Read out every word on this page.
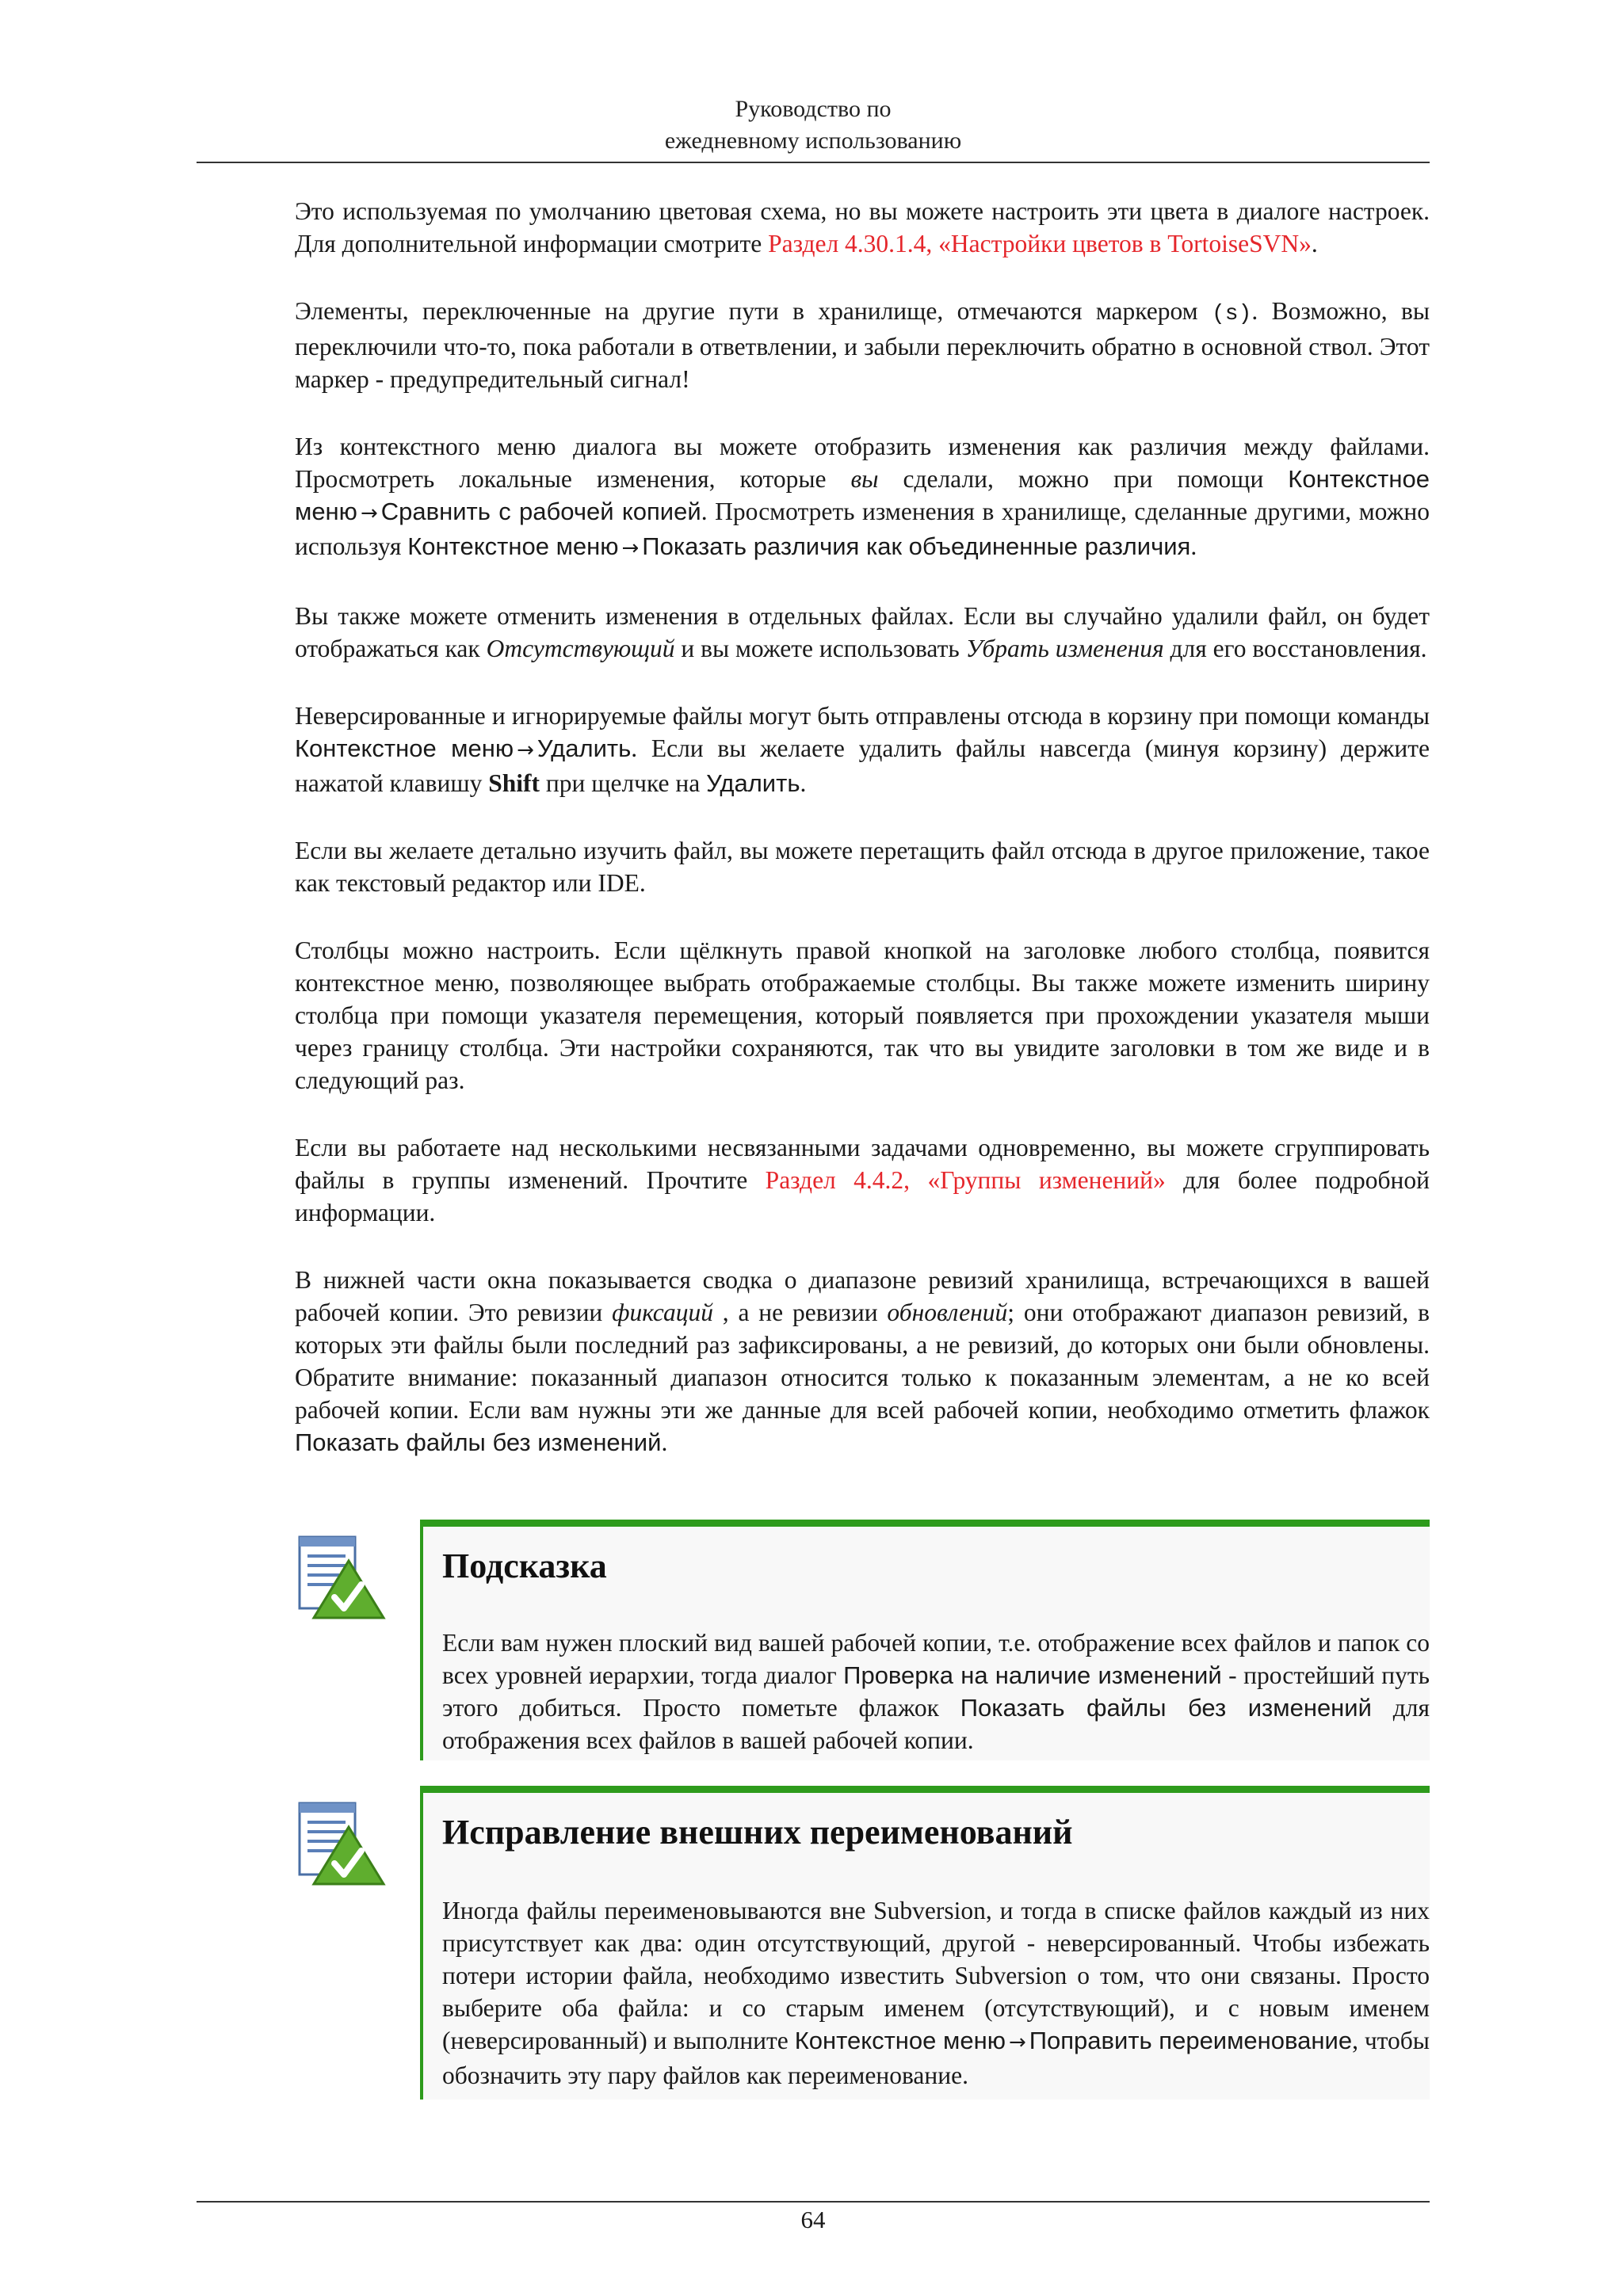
Руководство по
ежедневному использованию

Это используемая по умолчанию цветовая схема, но вы можете настроить эти цвета в диалоге настроек. Для дополнительной информации смотрите Раздел 4.30.1.4, «Настройки цветов в TortoiseSVN».

Элементы, переключенные на другие пути в хранилище, отмечаются маркером (s). Возможно, вы переключили что-то, пока работали в ответвлении, и забыли переключить обратно в основной ствол. Этот маркер - предупредительный сигнал!

Из контекстного меню диалога вы можете отобразить изменения как различия между файлами. Просмотреть локальные изменения, которые вы сделали, можно при помощи Контекстное меню → Сравнить с рабочей копией. Просмотреть изменения в хранилище, сделанные другими, можно используя Контекстное меню → Показать различия как объединенные различия.

Вы также можете отменить изменения в отдельных файлах. Если вы случайно удалили файл, он будет отображаться как Отсутствующий и вы можете использовать Убрать изменения для его восстановления.

Неверсированные и игнорируемые файлы могут быть отправлены отсюда в корзину при помощи команды Контекстное меню → Удалить. Если вы желаете удалить файлы навсегда (минуя корзину) держите нажатой клавишу Shift при щелчке на Удалить.

Если вы желаете детально изучить файл, вы можете перетащить файл отсюда в другое приложение, такое как текстовый редактор или IDE.

Столбцы можно настроить. Если щёлкнуть правой кнопкой на заголовке любого столбца, появится контекстное меню, позволяющее выбрать отображаемые столбцы. Вы также можете изменить ширину столбца при помощи указателя перемещения, который появляется при прохождении указателя мыши через границу столбца. Эти настройки сохраняются, так что вы увидите заголовки в том же виде и в следующий раз.

Если вы работаете над несколькими несвязанными задачами одновременно, вы можете сгруппировать файлы в группы изменений. Прочтите Раздел 4.4.2, «Группы изменений» для более подробной информации.

В нижней части окна показывается сводка о диапазоне ревизий хранилища, встречающихся в вашей рабочей копии. Это ревизии фиксаций , а не ревизии обновлений; они отображают диапазон ревизий, в которых эти файлы были последний раз зафиксированы, а не ревизий, до которых они были обновлены. Обратите внимание: показанный диапазон относится только к показанным элементам, а не ко всей рабочей копии. Если вам нужны эти же данные для всей рабочей копии, необходимо отметить флажок Показать файлы без изменений.

Подсказка

Если вам нужен плоский вид вашей рабочей копии, т.е. отображение всех файлов и папок со всех уровней иерархии, тогда диалог Проверка на наличие изменений - простейший путь этого добиться. Просто пометьте флажок Показать файлы без изменений для отображения всех файлов в вашей рабочей копии.

Исправление внешних переименований

Иногда файлы переименовываются вне Subversion, и тогда в списке файлов каждый из них присутствует как два: один отсутствующий, другой - неверсированный. Чтобы избежать потери истории файла, необходимо известить Subversion о том, что они связаны. Просто выберите оба файла: и со старым именем (отсутствующий), и с новым именем (неверсированный) и выполните Контекстное меню → Поправить переименование, чтобы обозначить эту пару файлов как переименование.

64
